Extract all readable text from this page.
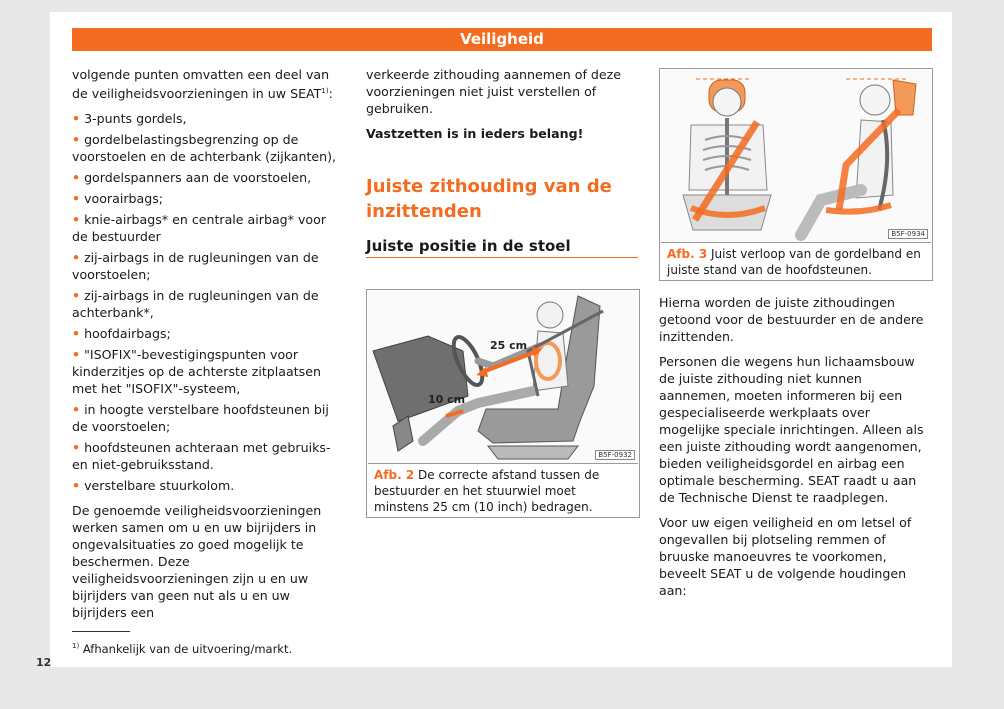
Veiligheid

volgende punten omvatten een deel van de veiligheidsvoorzieningen in uw SEAT$^{1)}$:

• 3-punts gordels,
• gordelbelastingsbegrenzing op de voorstoelen en de achterbank (zijkanten),
• gordelspanners aan de voorstoelen,
• voorairbags;
• knie-airbags* en centrale airbag* voor de bestuurder
• zij-airbags in de rugleuningen van de voorstoelen;
• zij-airbags in de rugleuningen van de achterbank*,
• hoofdairbags;
• "ISOFIX"-bevestigingspunten voor kinderzitjes op de achterste zitplaatsen met het "ISOFIX"-systeem,
• in hoogte verstelbare hoofdsteunen bij de voorstoelen;
• hoofdsteunen achteraan met gebruiks- en niet-gebruiksstand.
• verstelbare stuurkolom.

De genoemde veiligheidsvoorzieningen werken samen om u en uw bijrijders in ongevalsituaties zo goed mogelijk te beschermen. Deze veiligheidsvoorzieningen zijn u en uw bijrijders van geen nut als u en uw bijrijders een

verkeerde zithouding aannemen of deze voorzieningen niet juist verstellen of gebruiken.

Vastzetten is in ieders belang!

Juiste zithouding van de inzittenden
Juiste positie in de stoel
25 cm
10 cm
B5F-0932
Afb. 2 De correcte afstand tussen de bestuurder en het stuurwiel moet minstens 25 cm (10 inch) bedragen.
B5F-0934
Afb. 3 Juist verloop van de gordelband en juiste stand van de hoofdsteunen.

Hierna worden de juiste zithoudingen getoond voor de bestuurder en de andere inzittenden.

Personen die wegens hun lichaamsbouw de juiste zithouding niet kunnen aannemen, moeten informeren bij een gespecialiseerde werkplaats over mogelijke speciale inrichtingen. Alleen als een juiste zithouding wordt aangenomen, bieden veiligheidsgordel en airbag een optimale bescherming. SEAT raadt u aan de Technische Dienst te raadplegen.

Voor uw eigen veiligheid en om letsel of ongevallen bij plotseling remmen of bruuske manoeuvres te voorkomen, beveelt SEAT u de volgende houdingen aan:

$^{1)}$ Afhankelijk van de uitvoering/markt.
12
